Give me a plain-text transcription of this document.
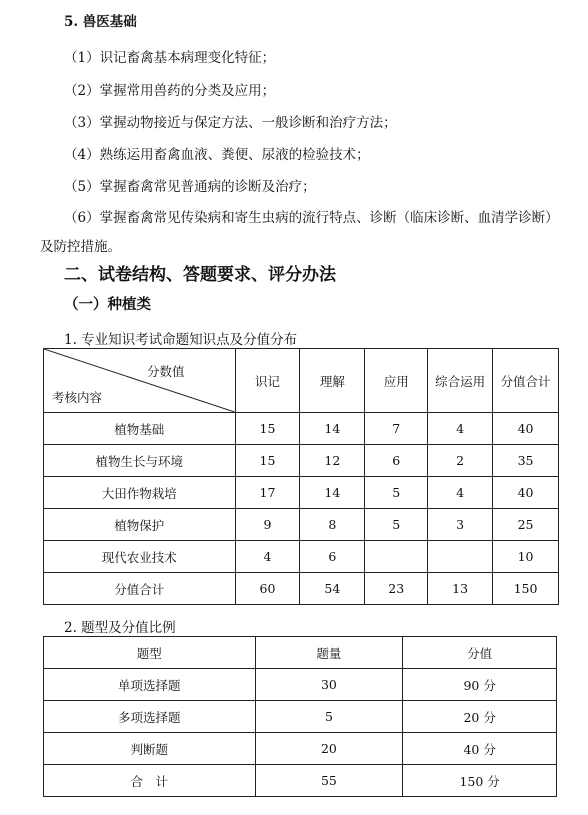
5. 兽医基础
（1）识记畜禽基本病理变化特征；
（2）掌握常用兽药的分类及应用；
（3）掌握动物接近与保定方法、一般诊断和治疗方法；
（4）熟练运用畜禽血液、粪便、尿液的检验技术；
（5）掌握畜禽常见普通病的诊断及治疗；
（6）掌握畜禽常见传染病和寄生虫病的流行特点、诊断（临床诊断、血清学诊断）
及防控措施。
二、试卷结构、答题要求、评分办法
（一）种植类
1. 专业知识考试命题知识点及分值分布
分数值
考核内容	识记	理解	应用	综合运用	分值合计
植物基础	15	14	7	4	40
植物生长与环境	15	12	6	2	35
大田作物栽培	17	14	5	4	40
植物保护	9	8	5	3	25
现代农业技术	4	6			10
分值合计	60	54	23	13	150
2. 题型及分值比例
题型	题量	分值
单项选择题	30	90 分
多项选择题	5	20 分
判断题	20	40 分
合　计	55	150 分
